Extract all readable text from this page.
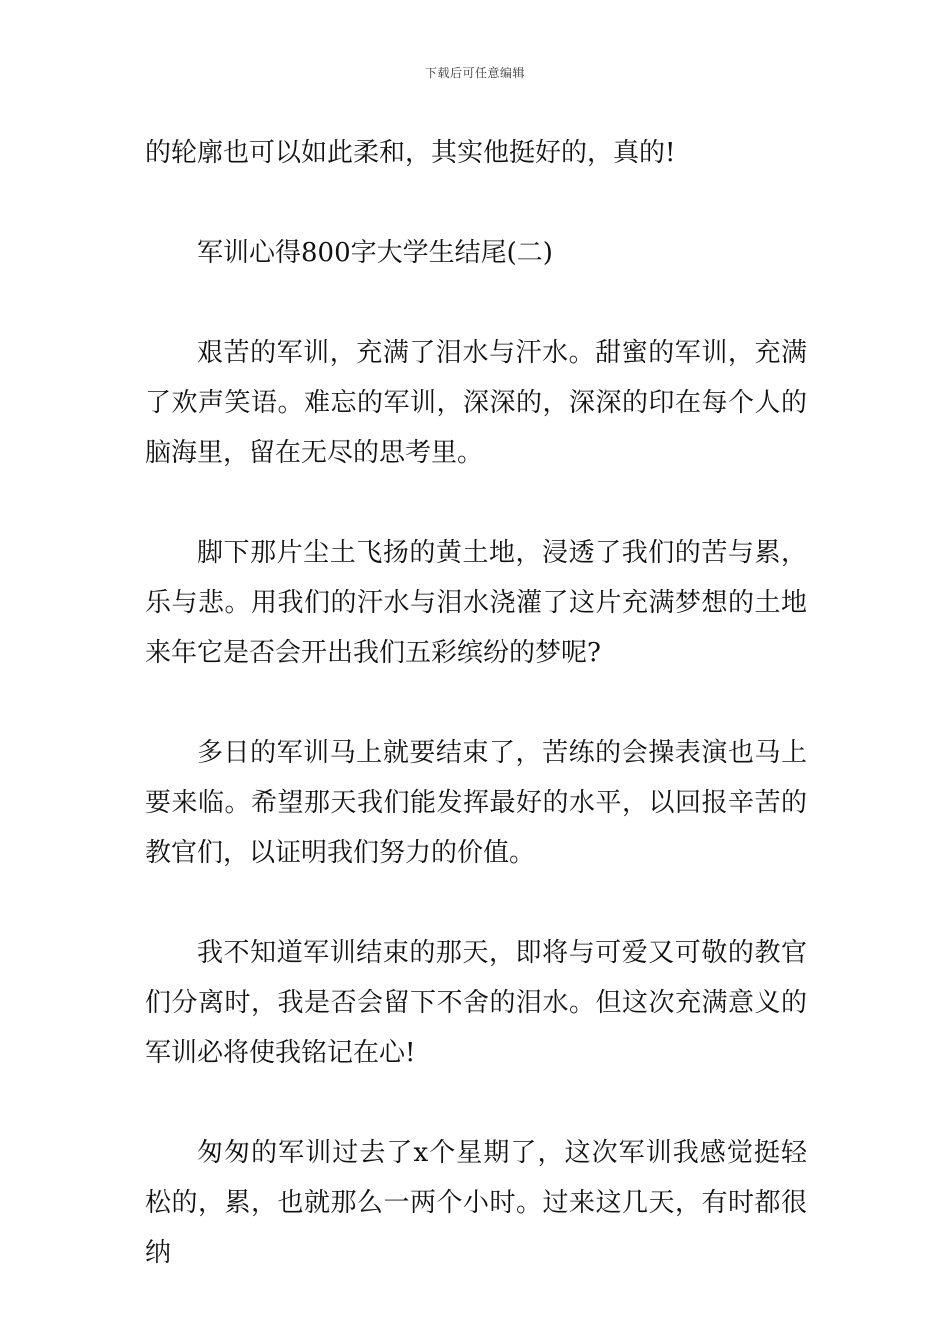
下载后可任意编辑

的轮廓也可以如此柔和，其实他挺好的，真的!

军训心得800字大学生结尾(二)

艰苦的军训，充满了泪水与汗水。甜蜜的军训，充满了欢声笑语。难忘的军训，深深的，深深的印在每个人的脑海里，留在无尽的思考里。

脚下那片尘土飞扬的黄土地，浸透了我们的苦与累，乐与悲。用我们的汗水与泪水浇灌了这片充满梦想的土地来年它是否会开出我们五彩缤纷的梦呢?

多日的军训马上就要结束了，苦练的会操表演也马上要来临。希望那天我们能发挥最好的水平，以回报辛苦的教官们，以证明我们努力的价值。

我不知道军训结束的那天，即将与可爱又可敬的教官们分离时，我是否会留下不舍的泪水。但这次充满意义的军训必将使我铭记在心!

匆匆的军训过去了x个星期了，这次军训我感觉挺轻松的，累，也就那么一两个小时。过来这几天，有时都很纳
